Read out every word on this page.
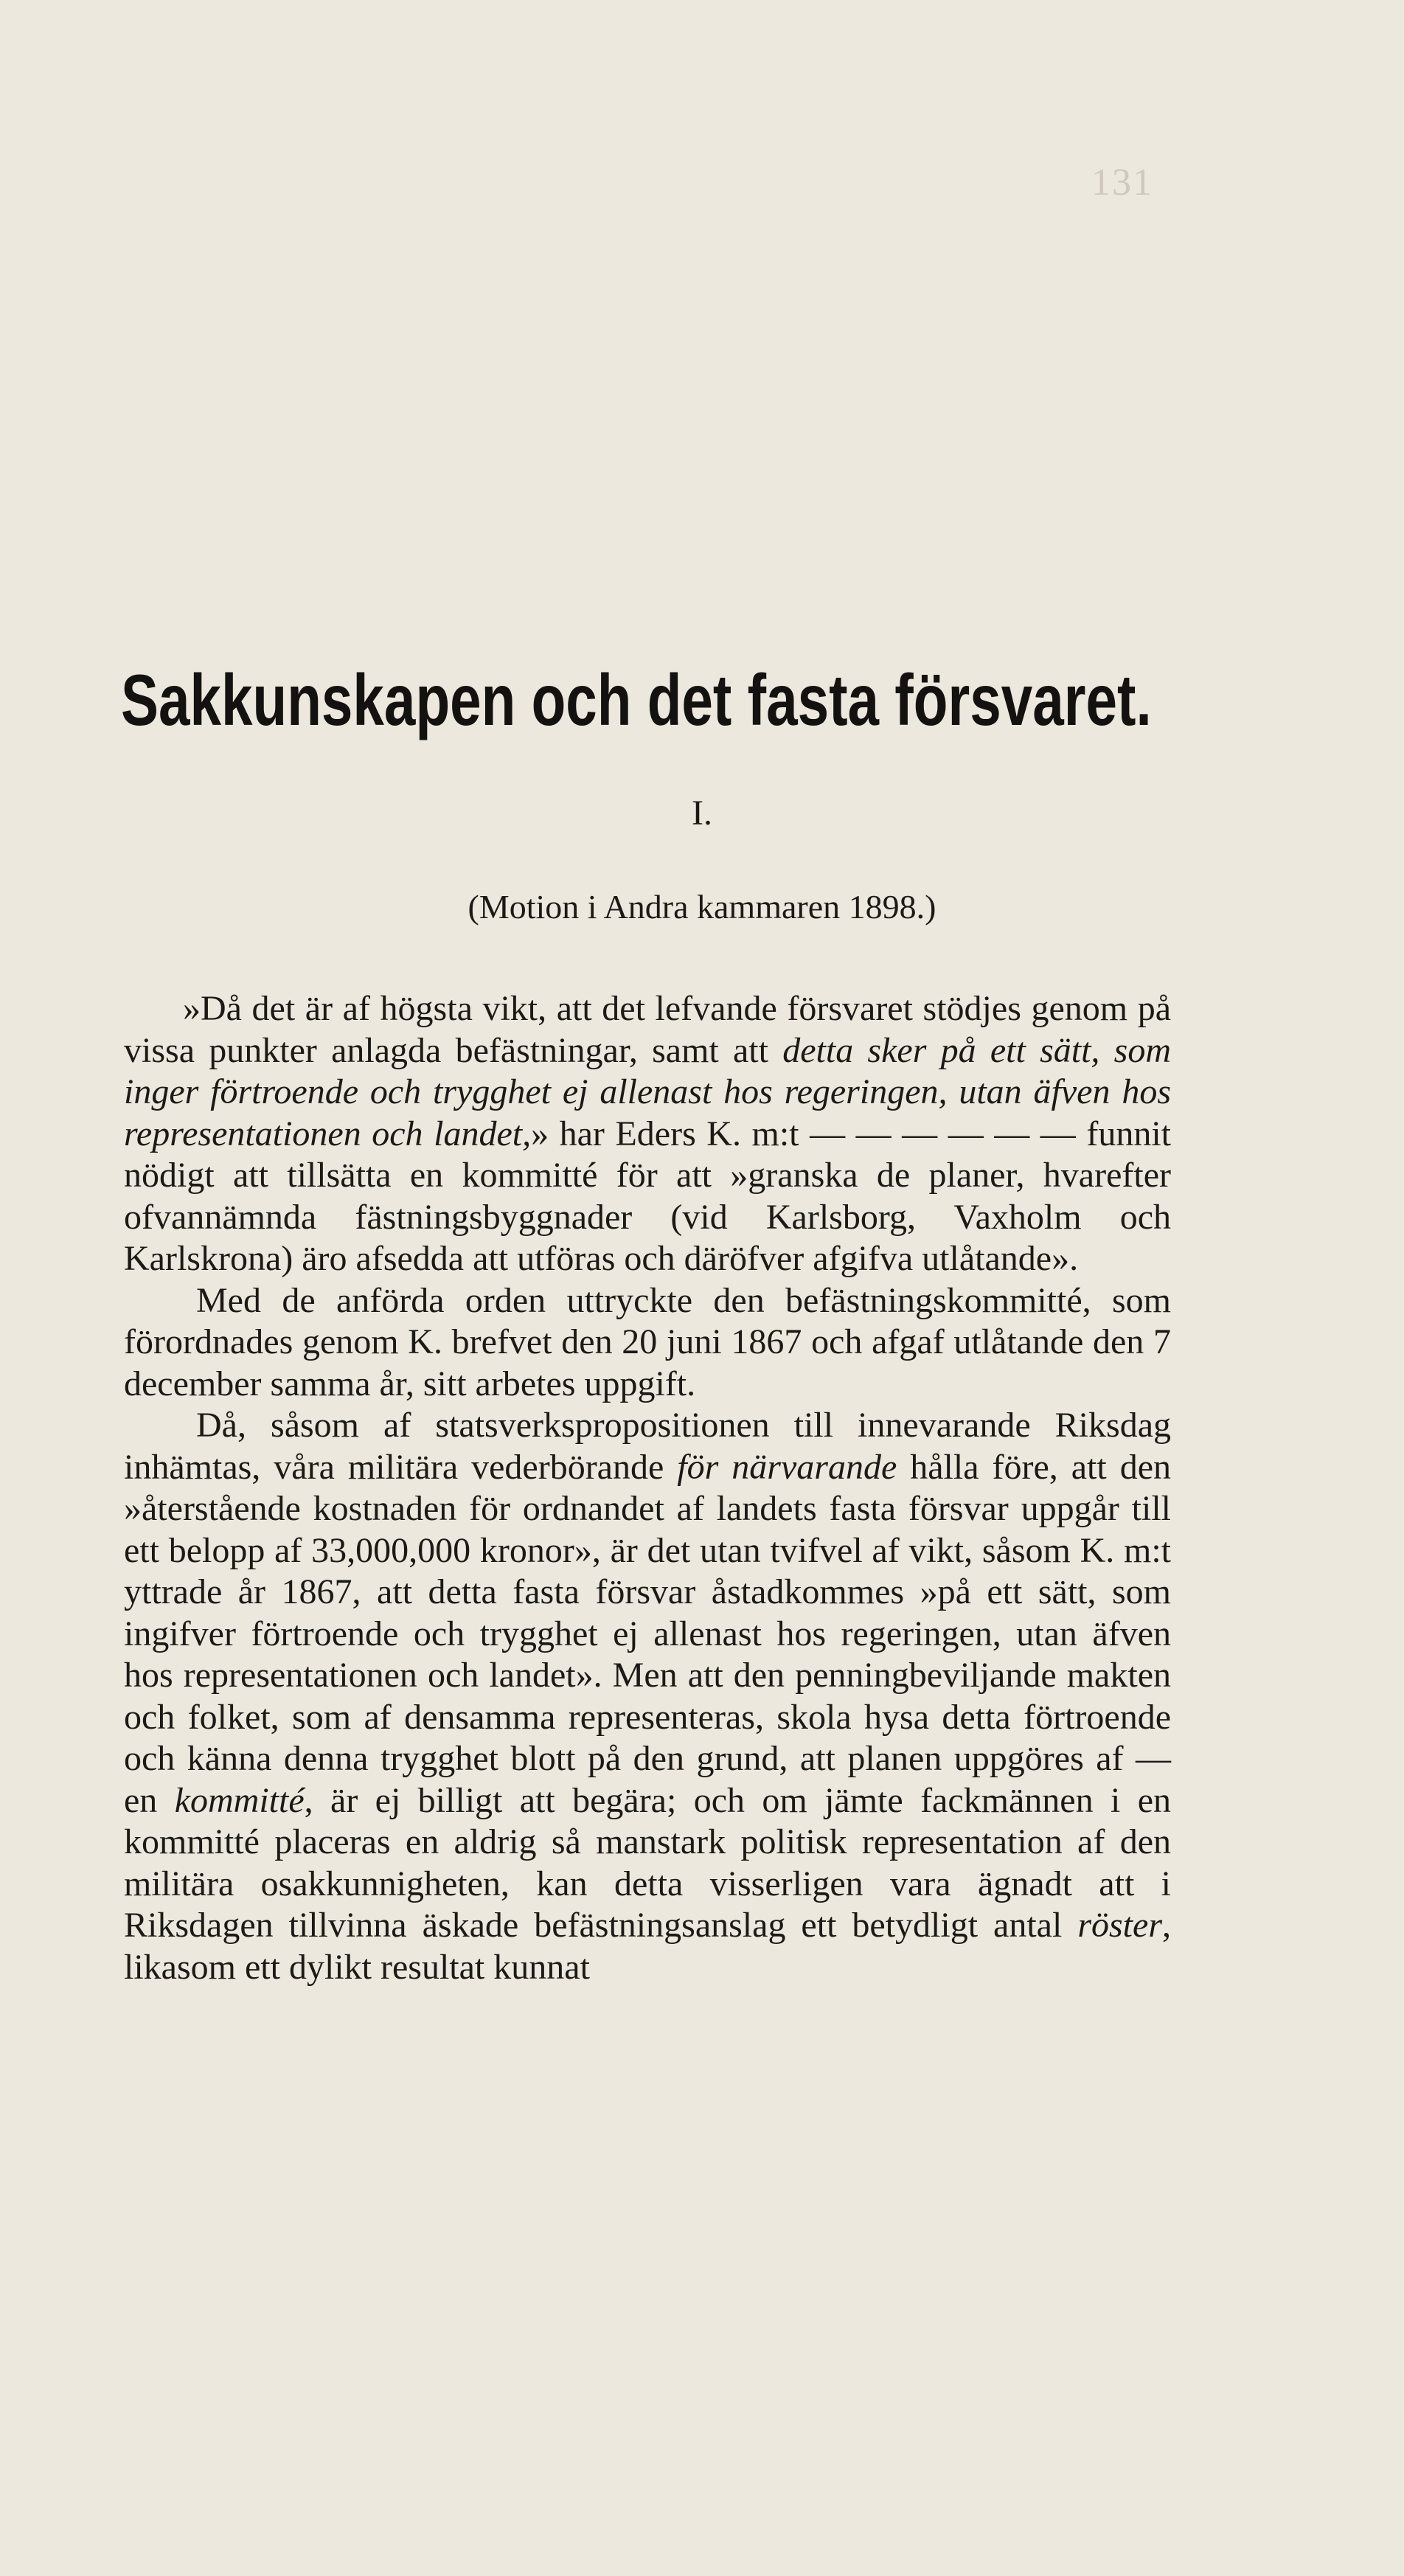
131
Sakkunskapen och det fasta försvaret.
I.
(Motion i Andra kammaren 1898.)

»Då det är af högsta vikt, att det lefvande försvaret stödjes genom på vissa punkter anlagda befästningar, samt att detta sker på ett sätt, som inger förtroende och trygghet ej allenast hos regeringen, utan äfven hos representationen och landet,» har Eders K. m:t — — — — — — funnit nödigt att tillsätta en kommitté för att »granska de planer, hvarefter ofvannämnda fästningsbyggnader (vid Karlsborg, Vaxholm och Karlskrona) äro afsedda att utföras och däröfver afgifva utlåtande».

Med de anförda orden uttryckte den befästningskommitté, som förordnades genom K. brefvet den 20 juni 1867 och afgaf utlåtande den 7 december samma år, sitt arbetes uppgift.

Då, såsom af statsverkspropositionen till innevarande Riksdag inhämtas, våra militära vederbörande för närvarande hålla före, att den »återstående kostnaden för ordnandet af landets fasta försvar uppgår till ett belopp af 33,000,000 kronor», är det utan tvifvel af vikt, såsom K. m:t yttrade år 1867, att detta fasta försvar åstadkommes »på ett sätt, som ingifver förtroende och trygghet ej allenast hos regeringen, utan äfven hos representationen och landet». Men att den penningbeviljande makten och folket, som af densamma representeras, skola hysa detta förtroende och känna denna trygghet blott på den grund, att planen uppgöres af — en kommitté, är ej billigt att begära; och om jämte fackmännen i en kommitté placeras en aldrig så manstark politisk representation af den militära osakkunnigheten, kan detta visserligen vara ägnadt att i Riksdagen tillvinna äskade befästningsanslag ett betydligt antal röster, likasom ett dylikt resultat kunnat
